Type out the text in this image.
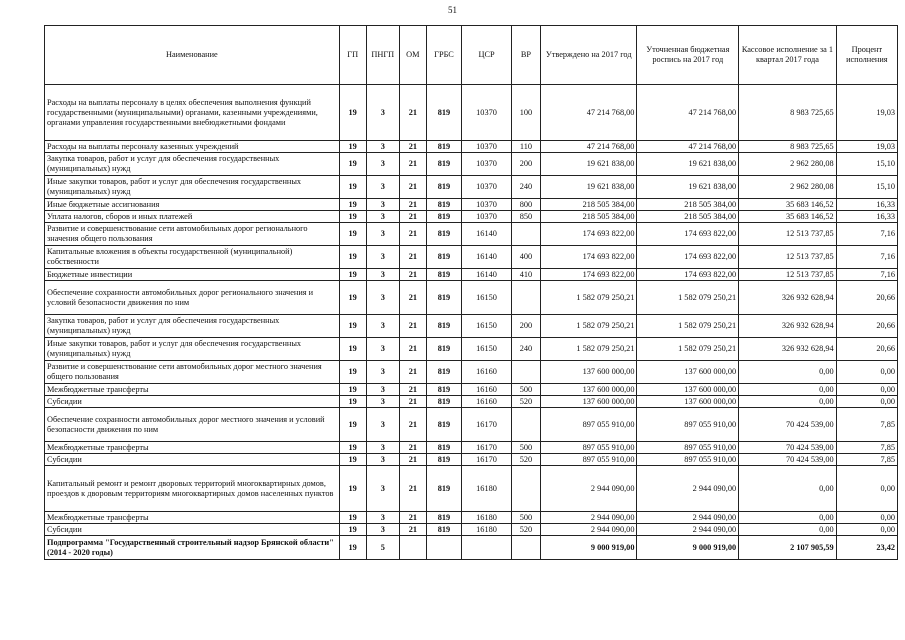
51
Наименование	ГП	ПНГП	ОМ	ГРБС	ЦСР	ВР	Утверждено на 2017 год	Уточненная бюджетная роспись на 2017 год	Кассовое исполнение за 1 квартал 2017 года	Процент исполнения
Расходы на выплаты персоналу в целях обеспечения выполнения функций государственными (муниципальными) органами, казенными учреждениями, органами управления государственными внебюджетными фондами	19	3	21	819	10370	100	47 214 768,00	47 214 768,00	8 983 725,65	19,03
Расходы на выплаты персоналу казенных учреждений	19	3	21	819	10370	110	47 214 768,00	47 214 768,00	8 983 725,65	19,03
Закупка товаров, работ и услуг для обеспечения государственных (муниципальных) нужд	19	3	21	819	10370	200	19 621 838,00	19 621 838,00	2 962 280,08	15,10
Иные закупки товаров, работ и услуг для обеспечения государственных (муниципальных) нужд	19	3	21	819	10370	240	19 621 838,00	19 621 838,00	2 962 280,08	15,10
Иные бюджетные ассигнования	19	3	21	819	10370	800	218 505 384,00	218 505 384,00	35 683 146,52	16,33
Уплата налогов, сборов и иных платежей	19	3	21	819	10370	850	218 505 384,00	218 505 384,00	35 683 146,52	16,33
Развитие и совершенствование сети автомобильных дорог регионального значения общего пользования	19	3	21	819	16140		174 693 822,00	174 693 822,00	12 513 737,85	7,16
Капитальные вложения в объекты государственной (муниципальной) собственности	19	3	21	819	16140	400	174 693 822,00	174 693 822,00	12 513 737,85	7,16
Бюджетные инвестиции	19	3	21	819	16140	410	174 693 822,00	174 693 822,00	12 513 737,85	7,16
Обеспечение сохранности автомобильных дорог регионального значения и условий безопасности движения по ним	19	3	21	819	16150		1 582 079 250,21	1 582 079 250,21	326 932 628,94	20,66
Закупка товаров, работ и услуг для обеспечения государственных (муниципальных) нужд	19	3	21	819	16150	200	1 582 079 250,21	1 582 079 250,21	326 932 628,94	20,66
Иные закупки товаров, работ и услуг для обеспечения государственных (муниципальных) нужд	19	3	21	819	16150	240	1 582 079 250,21	1 582 079 250,21	326 932 628,94	20,66
Развитие и совершенствование сети автомобильных дорог местного значения общего пользования	19	3	21	819	16160		137 600 000,00	137 600 000,00	0,00	0,00
Межбюджетные трансферты	19	3	21	819	16160	500	137 600 000,00	137 600 000,00	0,00	0,00
Субсидии	19	3	21	819	16160	520	137 600 000,00	137 600 000,00	0,00	0,00
Обеспечение сохранности автомобильных дорог местного значения и условий безопасности движения по ним	19	3	21	819	16170		897 055 910,00	897 055 910,00	70 424 539,00	7,85
Межбюджетные трансферты	19	3	21	819	16170	500	897 055 910,00	897 055 910,00	70 424 539,00	7,85
Субсидии	19	3	21	819	16170	520	897 055 910,00	897 055 910,00	70 424 539,00	7,85
Капитальный ремонт и ремонт дворовых территорий многоквартирных домов, проездов к дворовым территориям многоквартирных домов населенных пунктов	19	3	21	819	16180		2 944 090,00	2 944 090,00	0,00	0,00
Межбюджетные трансферты	19	3	21	819	16180	500	2 944 090,00	2 944 090,00	0,00	0,00
Субсидии	19	3	21	819	16180	520	2 944 090,00	2 944 090,00	0,00	0,00
Подпрограмма "Государственный строительный надзор Брянской области" (2014 - 2020 годы)	19	5					9 000 919,00	9 000 919,00	2 107 905,59	23,42
